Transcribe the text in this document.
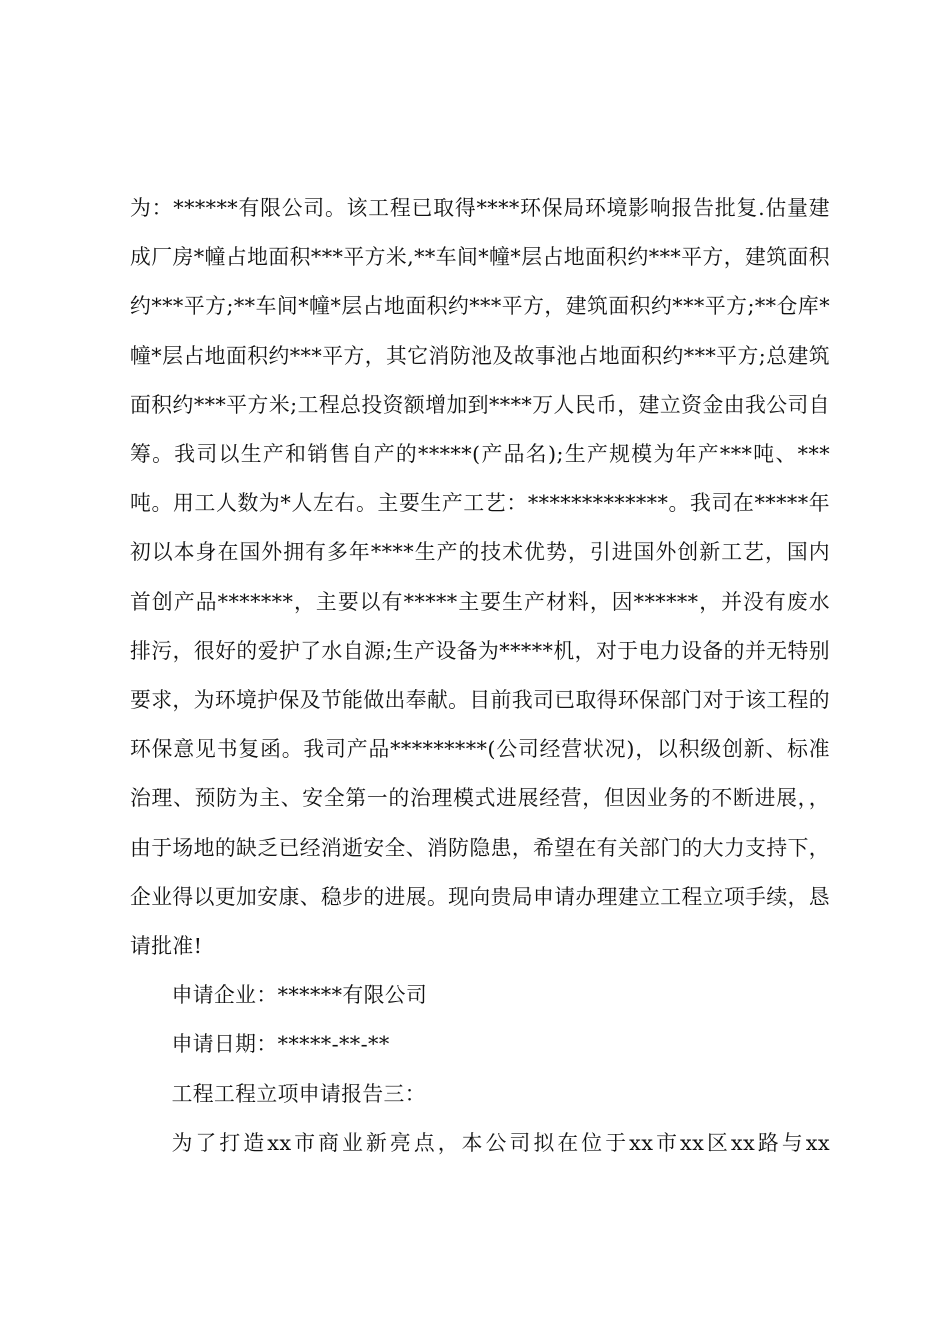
为：******有限公司。该工程已取得****环保局环境影响报告批复.估量建成厂房*幢占地面积***平方米,**车间*幢*层占地面积约***平方，建筑面积约***平方;**车间*幢*层占地面积约***平方，建筑面积约***平方;**仓库*幢*层占地面积约***平方，其它消防池及故事池占地面积约***平方;总建筑面积约***平方米;工程总投资额增加到****万人民币，建立资金由我公司自筹。我司以生产和销售自产的*****(产品名);生产规模为年产***吨、***吨。用工人数为*人左右。主要生产工艺：*************。我司在*****年初以本身在国外拥有多年****生产的技术优势，引进国外创新工艺，国内首创产品*******，主要以有*****主要生产材料，因******，并没有废水排污，很好的爱护了水自源;生产设备为*****机，对于电力设备的并无特别要求，为环境护保及节能做出奉献。目前我司已取得环保部门对于该工程的环保意见书复函。我司产品*********(公司经营状况)，以积级创新、标准治理、预防为主、安全第一的治理模式进展经营，但因业务的不断进展，，由于场地的缺乏已经消逝安全、消防隐患，希望在有关部门的大力支持下，企业得以更加安康、稳步的进展。现向贵局申请办理建立工程立项手续，恳请批准!

申请企业：******有限公司

申请日期：*****-**-**

工程工程立项申请报告三：

为了打造xx市商业新亮点，本公司拟在位于xx市xx区xx路与xx
